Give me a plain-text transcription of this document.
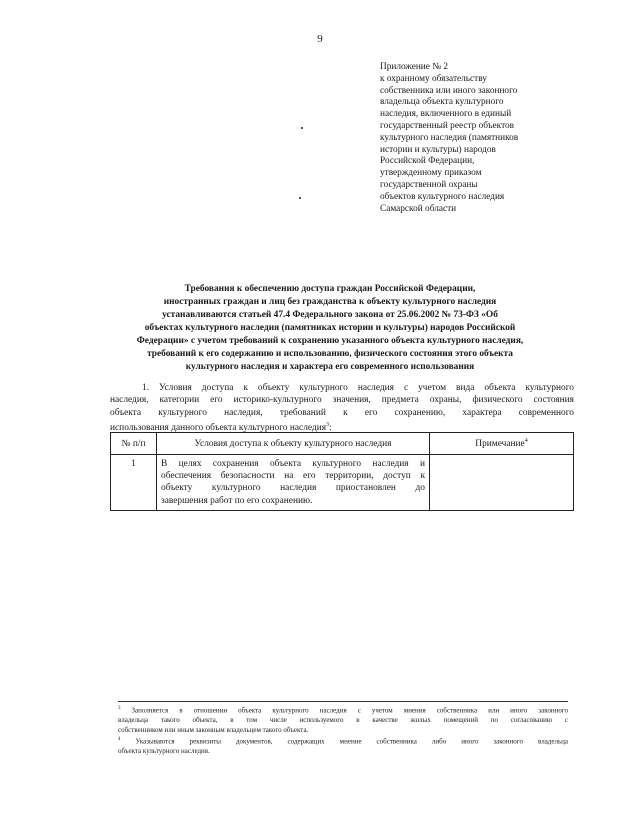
9
Приложение № 2
к охранному обязательству
собственника или иного законного
владельца объекта культурного
наследия, включенного в единый
государственный реестр объектов
культурного наследия (памятников
истории и культуры) народов
Российской Федерации,
утвержденному приказом
государственной охраны
объектов культурного наследия
Самарской области
Требования к обеспечению доступа граждан Российской Федерации,
иностранных граждан и лиц без гражданства к объекту культурного наследия
устанавливаются статьей 47.4 Федерального закона от 25.06.2002 № 73-ФЗ «Об
объектах культурного наследия (памятниках истории и культуры) народов Российской
Федерации» с учетом требований к сохранению указанного объекта культурного наследия,
требований к его содержанию и использованию, физического состояния этого объекта
культурного наследия и характера его современного использования
1. Условия доступа к объекту культурного наследия с учетом вида объекта культурного
наследия, категории его историко-культурного значения, предмета охраны, физического состояния
объекта культурного наследия, требований к его сохранению, характера современного
использования данного объекта культурного наследия$^3$:
№ п/п	Условия доступа к объекту культурного наследия	Примечание$^4$
1	В целях сохранения объекта культурного наследия и
обеспечения безопасности на его территории, доступ к
объекту культурного наследия приостановлен до
завершения работ по его сохранению.	

$^3$ Заполняется в отношении объекта культурного наследия с учетом мнения собственника или иного законного
владельца такого объекта, в том числе используемого в качестве жилых помещений по согласованию с
собственником или иным законным владельцем такого объекта.
$^4$ Указываются реквизиты документов, содержащих мнение собственника либо иного законного владельца
объекта культурного наследия.
